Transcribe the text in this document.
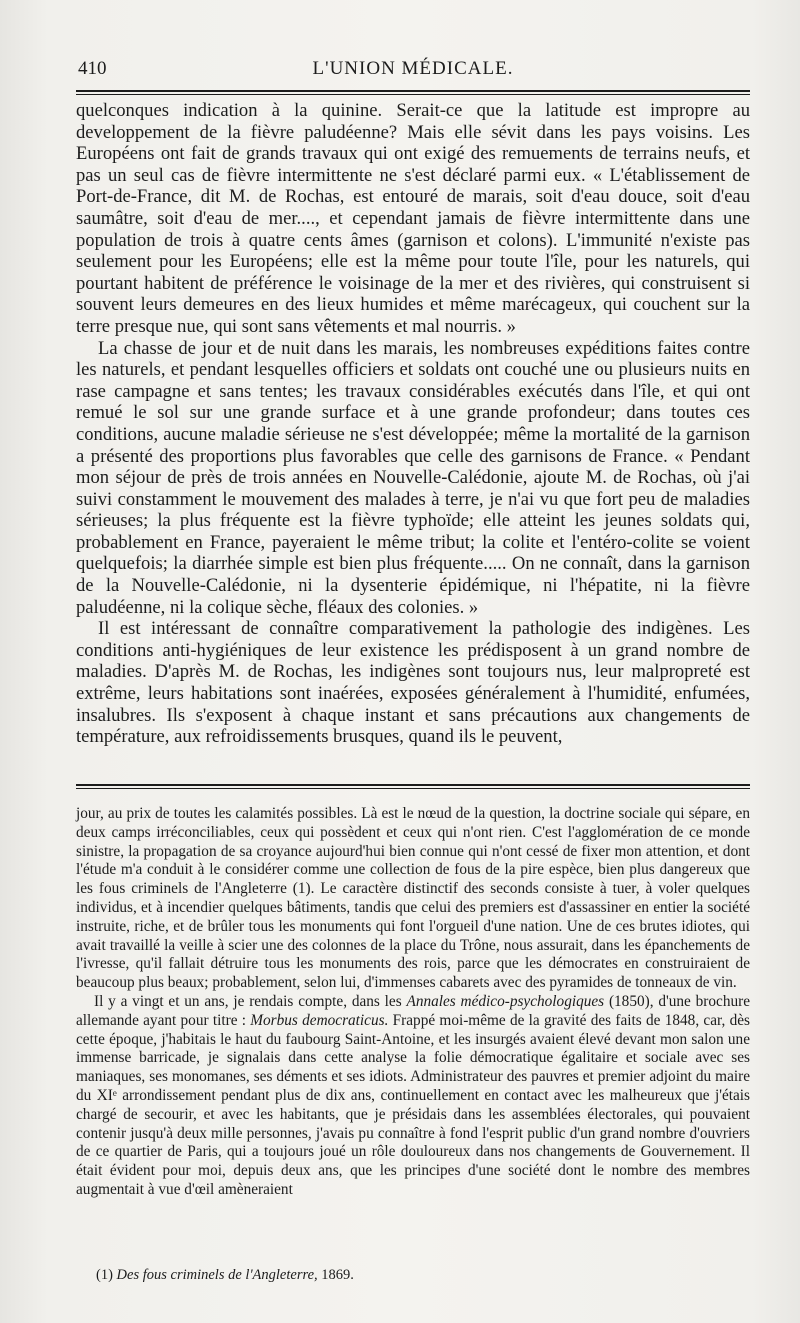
410	L'UNION MÉDICALE.

quelconques indication à la quinine. Serait-ce que la latitude est impropre au developpement de la fièvre paludéenne? Mais elle sévit dans les pays voisins. Les Européens ont fait de grands travaux qui ont exigé des remuements de terrains neufs, et pas un seul cas de fièvre intermittente ne s'est déclaré parmi eux. « L'établissement de Port-de-France, dit M. de Rochas, est entouré de marais, soit d'eau douce, soit d'eau saumâtre, soit d'eau de mer...., et cependant jamais de fièvre intermittente dans une population de trois à quatre cents âmes (garnison et colons). L'immunité n'existe pas seulement pour les Européens; elle est la même pour toute l'île, pour les naturels, qui pourtant habitent de préférence le voisinage de la mer et des rivières, qui construisent si souvent leurs demeures en des lieux humides et même marécageux, qui couchent sur la terre presque nue, qui sont sans vêtements et mal nourris. »

La chasse de jour et de nuit dans les marais, les nombreuses expéditions faites contre les naturels, et pendant lesquelles officiers et soldats ont couché une ou plusieurs nuits en rase campagne et sans tentes; les travaux considérables exécutés dans l'île, et qui ont remué le sol sur une grande surface et à une grande profondeur; dans toutes ces conditions, aucune maladie sérieuse ne s'est développée; même la mortalité de la garnison a présenté des proportions plus favorables que celle des garnisons de France. « Pendant mon séjour de près de trois années en Nouvelle-Calédonie, ajoute M. de Rochas, où j'ai suivi constamment le mouvement des malades à terre, je n'ai vu que fort peu de maladies sérieuses; la plus fréquente est la fièvre typhoïde; elle atteint les jeunes soldats qui, probablement en France, payeraient le même tribut; la colite et l'entéro-colite se voient quelquefois; la diarrhée simple est bien plus fréquente..... On ne connaît, dans la garnison de la Nouvelle-Calédonie, ni la dysenterie épidémique, ni l'hépatite, ni la fièvre paludéenne, ni la colique sèche, fléaux des colonies. »

Il est intéressant de connaître comparativement la pathologie des indigènes. Les conditions anti-hygiéniques de leur existence les prédisposent à un grand nombre de maladies. D'après M. de Rochas, les indigènes sont toujours nus, leur malpropreté est extrême, leurs habitations sont inaérées, exposées généralement à l'humidité, enfumées, insalubres. Ils s'exposent à chaque instant et sans précautions aux changements de température, aux refroidissements brusques, quand ils le peuvent,

jour, au prix de toutes les calamités possibles. Là est le nœud de la question, la doctrine sociale qui sépare, en deux camps irréconciliables, ceux qui possèdent et ceux qui n'ont rien. C'est l'agglomération de ce monde sinistre, la propagation de sa croyance aujourd'hui bien connue qui n'ont cessé de fixer mon attention, et dont l'étude m'a conduit à le considérer comme une collection de fous de la pire espèce, bien plus dangereux que les fous criminels de l'Angleterre (1). Le caractère distinctif des seconds consiste à tuer, à voler quelques individus, et à incendier quelques bâtiments, tandis que celui des premiers est d'assassiner en entier la société instruite, riche, et de brûler tous les monuments qui font l'orgueil d'une nation. Une de ces brutes idiotes, qui avait travaillé la veille à scier une des colonnes de la place du Trône, nous assurait, dans les épanchements de l'ivresse, qu'il fallait détruire tous les monuments des rois, parce que les démocrates en construiraient de beaucoup plus beaux; probablement, selon lui, d'immenses cabarets avec des pyramides de tonneaux de vin.

Il y a vingt et un ans, je rendais compte, dans les Annales médico-psychologiques (1850), d'une brochure allemande ayant pour titre : Morbus democraticus. Frappé moi-même de la gravité des faits de 1848, car, dès cette époque, j'habitais le haut du faubourg Saint-Antoine, et les insurgés avaient élevé devant mon salon une immense barricade, je signalais dans cette analyse la folie démocratique égalitaire et sociale avec ses maniaques, ses monomanes, ses déments et ses idiots. Administrateur des pauvres et premier adjoint du maire du XIᵉ arrondissement pendant plus de dix ans, continuellement en contact avec les malheureux que j'étais chargé de secourir, et avec les habitants, que je présidais dans les assemblées électorales, qui pouvaient contenir jusqu'à deux mille personnes, j'avais pu connaître à fond l'esprit public d'un grand nombre d'ouvriers de ce quartier de Paris, qui a toujours joué un rôle douloureux dans nos changements de Gouvernement. Il était évident pour moi, depuis deux ans, que les principes d'une société dont le nombre des membres augmentait à vue d'œil amèneraient

(1) Des fous criminels de l'Angleterre, 1869.
